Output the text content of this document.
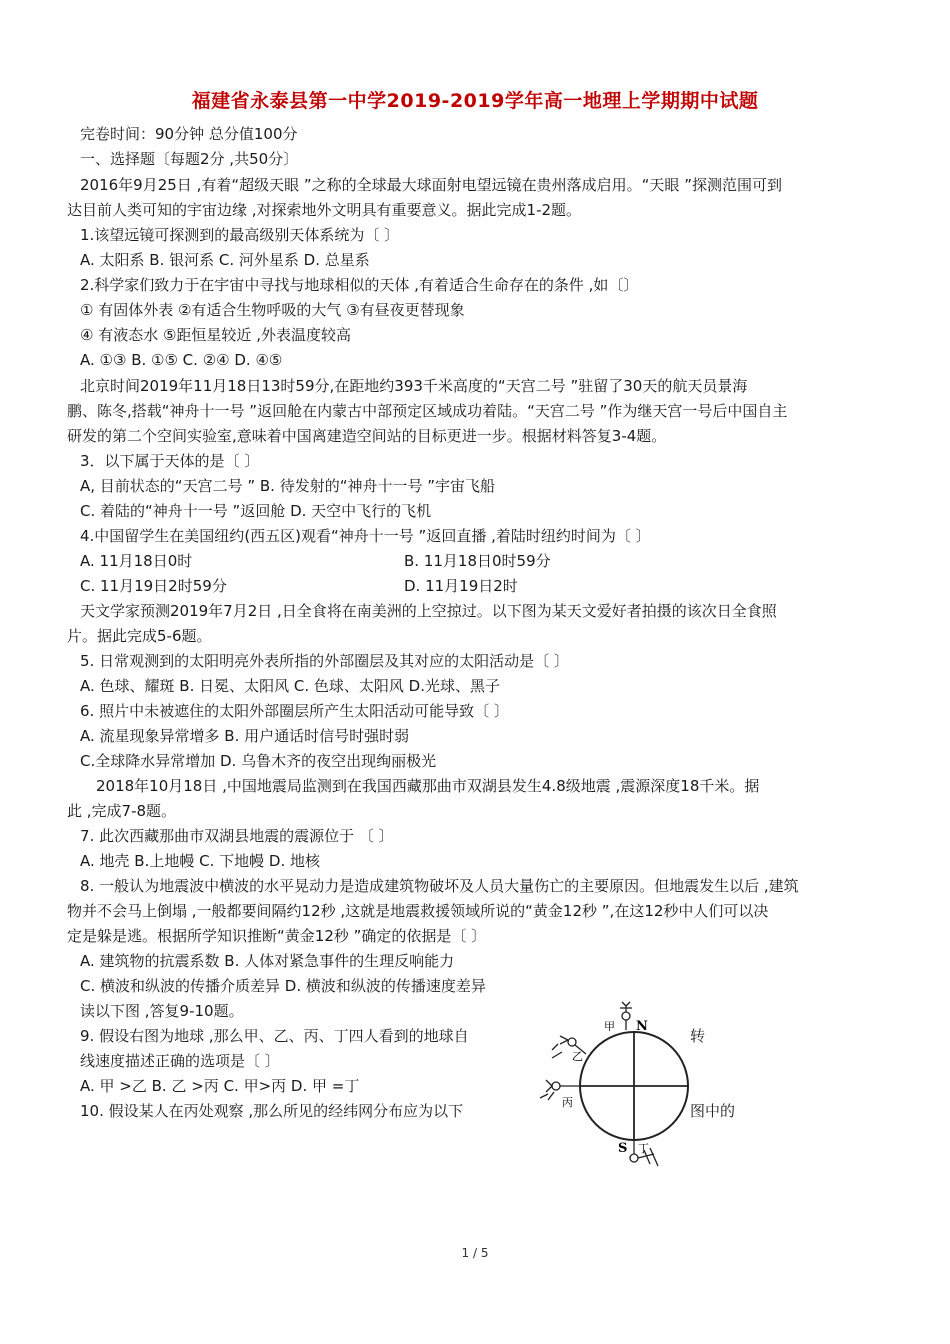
福建省永泰县第一中学2019-2019学年高一地理上学期期中试题
完卷时间：90分钟 总分值100分
一、选择题〔每题2分 ,共50分〕
2016年9月25日 ,有着“超级天眼 ”之称的全球最大球面射电望远镜在贵州落成启用。“天眼 ”探测范围可到
达目前人类可知的宇宙边缘 ,对探索地外文明具有重要意义。据此完成1-2题。
1.该望远镜可探测到的最高级别天体系统为〔 〕
A. 太阳系 B. 银河系 C. 河外星系 D. 总星系
2.科学家们致力于在宇宙中寻找与地球相似的天体 ,有着适合生命存在的条件 ,如〔〕
① 有固体外表 ②有适合生物呼吸的大气 ③有昼夜更替现象
④ 有液态水 ⑤距恒星较近 ,外表温度较高
A. ①③ B. ①⑤ C. ②④ D. ④⑤
北京时间2019年11月18日13时59分,在距地约393千米高度的“天宫二号 ”驻留了30天的航天员景海
鹏、陈冬,搭载“神舟十一号 ”返回舱在内蒙古中部预定区域成功着陆。“天宫二号 ”作为继天宫一号后中国自主
研发的第二个空间实验室,意味着中国离建造空间站的目标更进一步。根据材料答复3-4题。
3．以下属于天体的是〔 〕
A, 目前状态的“天宫二号 ” B. 待发射的“神舟十一号 ”宇宙飞船
C. 着陆的“神舟十一号 ”返回舱 D. 天空中飞行的飞机
4.中国留学生在美国纽约(西五区)观看“神舟十一号 ”返回直播 ,着陆时纽约时间为〔 〕
A. 11月18日0时	B. 11月18日0时59分
C. 11月19日2时59分	D. 11月19日2时
天文学家预测2019年7月2日 ,日全食将在南美洲的上空掠过。以下图为某天文爱好者拍摄的该次日全食照
片。据此完成5-6题。
5. 日常观测到的太阳明亮外表所指的外部圈层及其对应的太阳活动是〔 〕
A. 色球、耀斑 B. 日冕、太阳风 C. 色球、太阳风 D.光球、黑子
6. 照片中未被遮住的太阳外部圈层所产生太阳活动可能导致〔 〕
A. 流星现象异常增多 B. 用户通话时信号时强时弱
C.全球降水异常增加 D. 乌鲁木齐的夜空出现绚丽极光
2018年10月18日 ,中国地震局监测到在我国西藏那曲市双湖县发生4.8级地震 ,震源深度18千米。据
此 ,完成7-8题。
7. 此次西藏那曲市双湖县地震的震源位于 〔 〕
A. 地壳 B.上地幔 C. 下地幔 D. 地核
8. 一般认为地震波中横波的水平晃动力是造成建筑物破坏及人员大量伤亡的主要原因。但地震发生以后 ,建筑
物并不会马上倒塌 ,一般都要间隔约12秒 ,这就是地震救援领域所说的“黄金12秒 ”,在这12秒中人们可以决
定是躲是逃。根据所学知识推断“黄金12秒 ”确定的依据是〔 〕
A. 建筑物的抗震系数 B. 人体对紧急事件的生理反响能力
C. 横波和纵波的传播介质差异 D. 横波和纵波的传播速度差异
读以下图 ,答复9-10题。
9. 假设右图为地球 ,那么甲、乙、丙、丁四人看到的地球自	转
线速度描述正确的选项是〔 〕
A. 甲 >乙 B. 乙 >丙 C. 甲>丙 D. 甲 =丁
10. 假设某人在丙处观察 ,那么所见的经纬网分布应为以下	图中的
N
S
甲
乙
丙
丁
1 / 5
